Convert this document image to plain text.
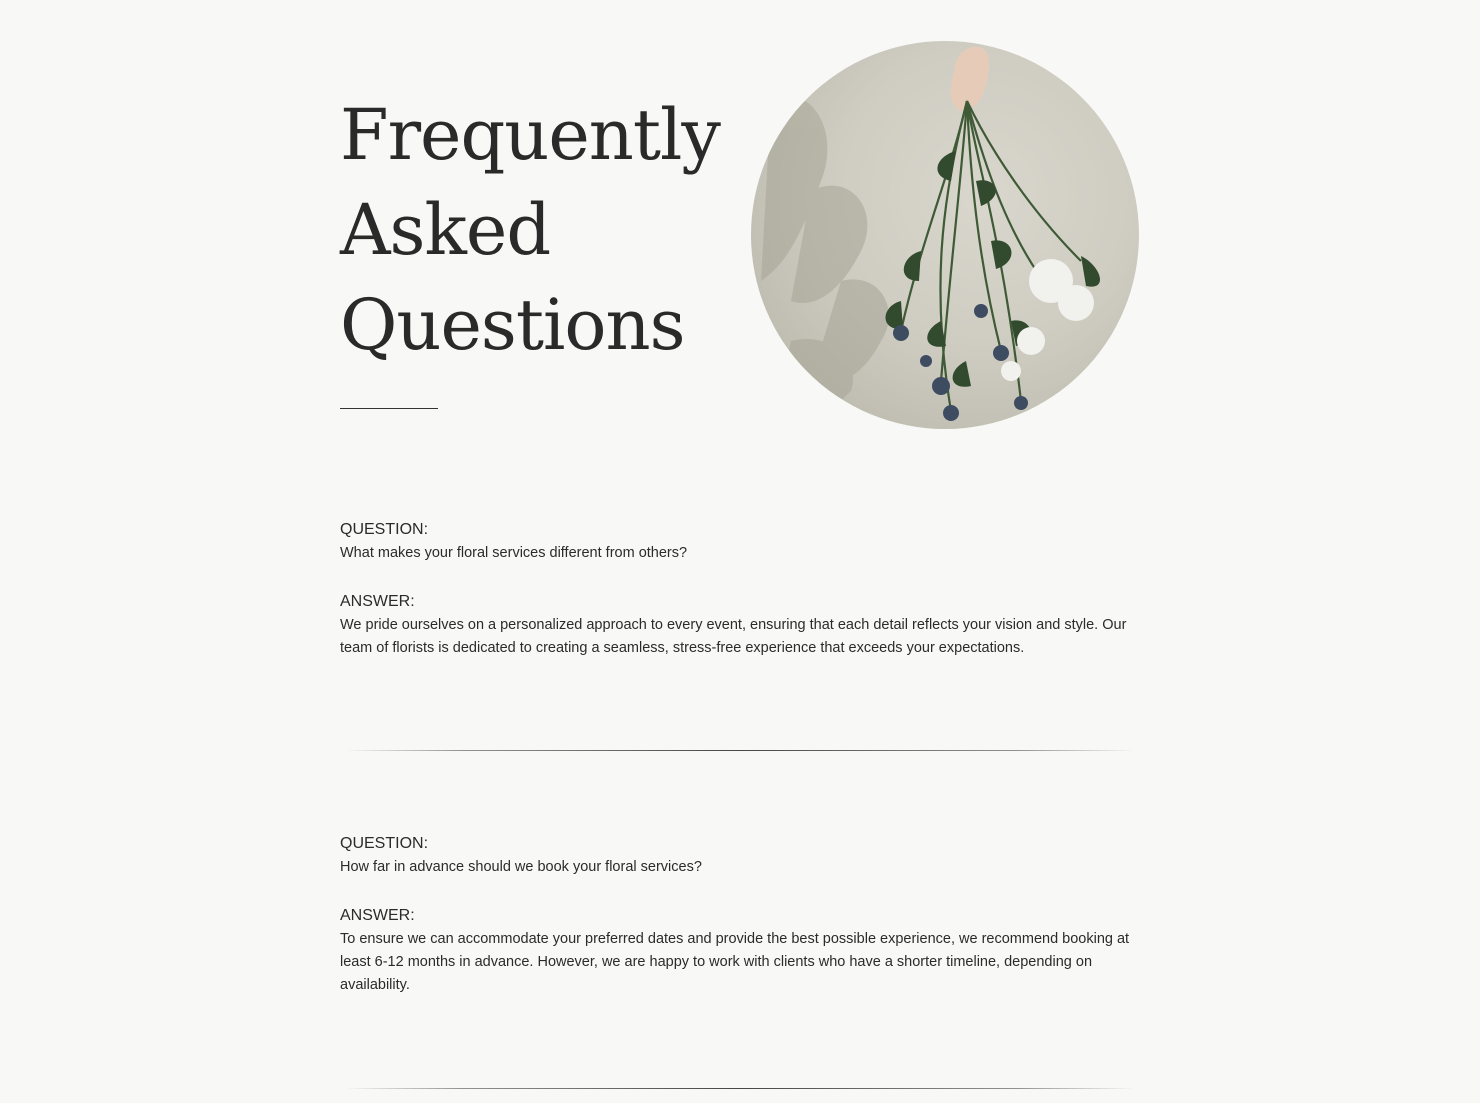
Frequently
Asked
Questions

QUESTION:

What makes your floral services different from others?

ANSWER:

We pride ourselves on a personalized approach to every event, ensuring that each detail reflects your vision and style. Our team of florists is dedicated to creating a seamless, stress-free experience that exceeds your expectations.

QUESTION:

How far in advance should we book your floral services?

ANSWER:

To ensure we can accommodate your preferred dates and provide the best possible experience, we recommend booking at least 6-12 months in advance. However, we are happy to work with clients who have a shorter timeline, depending on availability.
